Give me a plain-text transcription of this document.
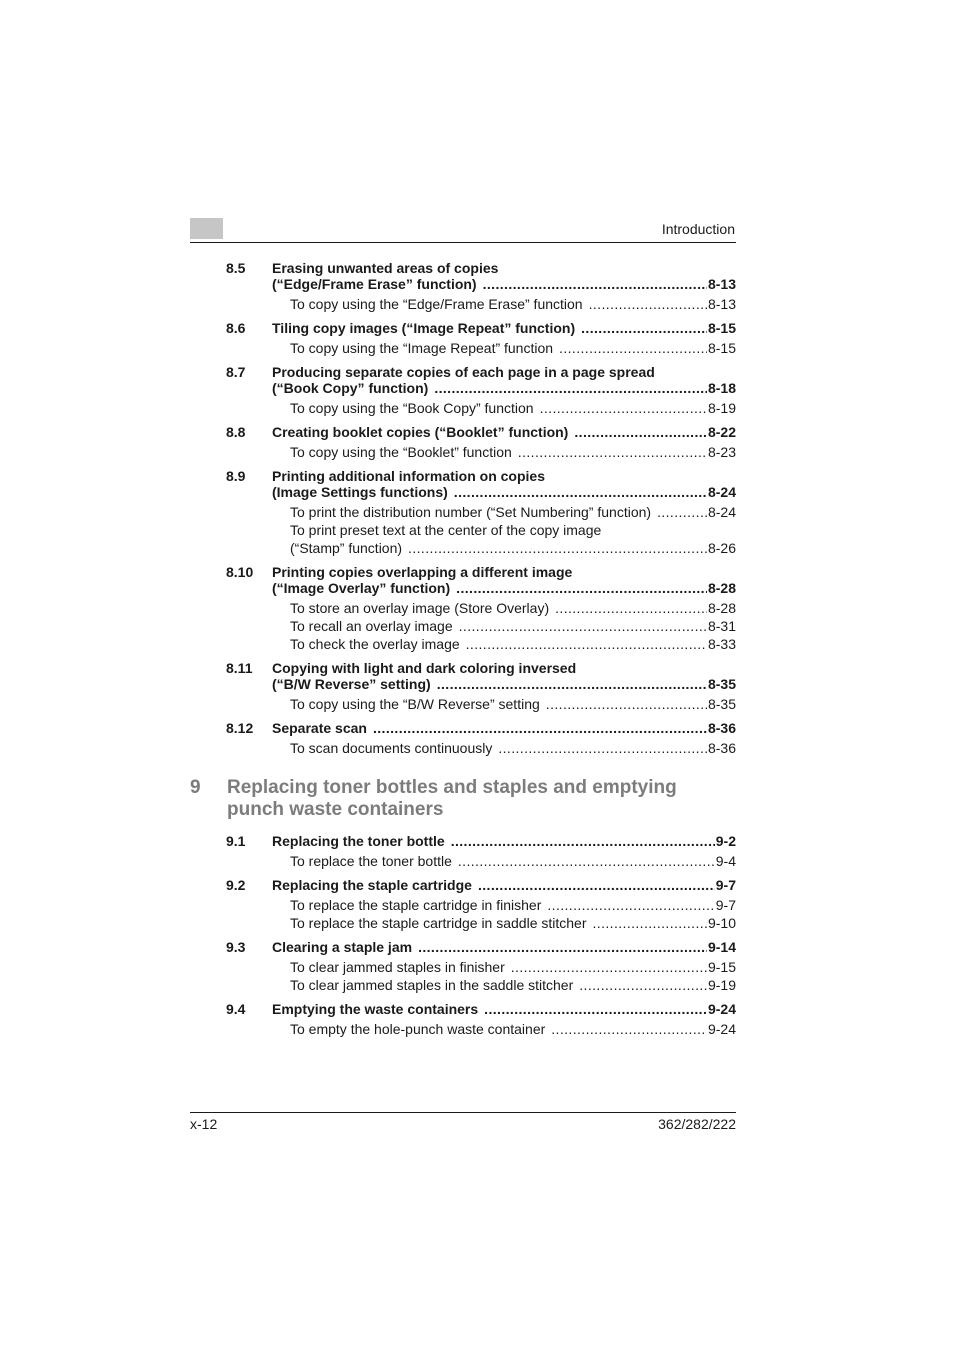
Introduction
8.5 Erasing unwanted areas of copies
(“Edge/Frame Erase” function) .....	8-13
To copy using the “Edge/Frame Erase” function .....	8-13
8.6 Tiling copy images (“Image Repeat” function) .....	8-15
To copy using the “Image Repeat” function .....	8-15
8.7 Producing separate copies of each page in a page spread
(“Book Copy” function) .....	8-18
To copy using the “Book Copy” function .....	8-19
8.8 Creating booklet copies (“Booklet” function) .....	8-22
To copy using the “Booklet” function .....	8-23
8.9 Printing additional information on copies
(Image Settings functions) .....	8-24
To print the distribution number (“Set Numbering” function) .....	8-24
To print preset text at the center of the copy image
(“Stamp” function) .....	8-26
8.10 Printing copies overlapping a different image
(“Image Overlay” function) .....	8-28
To store an overlay image (Store Overlay) .....	8-28
To recall an overlay image .....	8-31
To check the overlay image .....	8-33
8.11 Copying with light and dark coloring inversed
(“B/W Reverse” setting) .....	8-35
To copy using the “B/W Reverse” setting .....	8-35
8.12 Separate scan .....	8-36
To scan documents continuously .....	8-36
9 Replacing toner bottles and staples and emptying punch waste containers
9.1 Replacing the toner bottle .....	9-2
To replace the toner bottle .....	9-4
9.2 Replacing the staple cartridge .....	9-7
To replace the staple cartridge in finisher .....	9-7
To replace the staple cartridge in saddle stitcher .....	9-10
9.3 Clearing a staple jam .....	9-14
To clear jammed staples in finisher .....	9-15
To clear jammed staples in the saddle stitcher .....	9-19
9.4 Emptying the waste containers .....	9-24
To empty the hole-punch waste container .....	9-24
x-12	362/282/222
